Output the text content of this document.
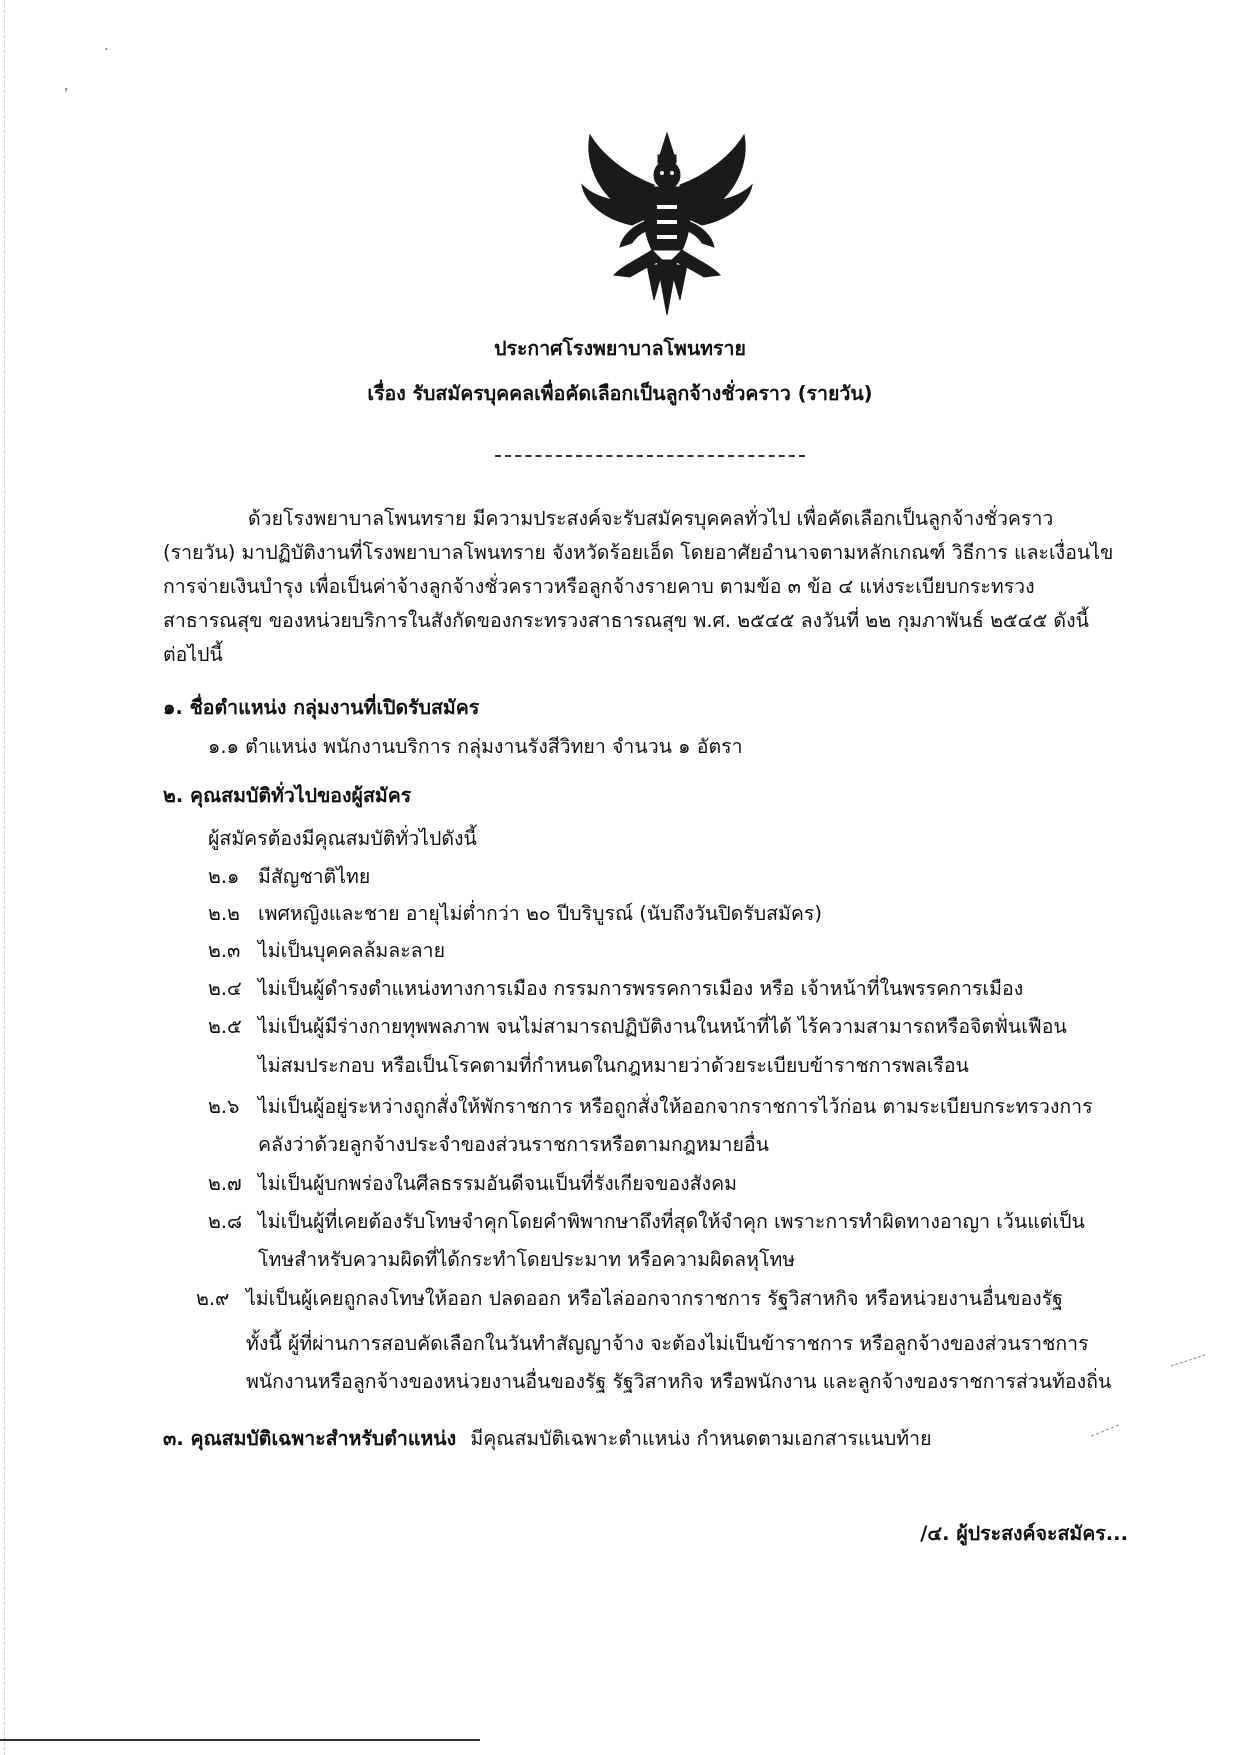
·
,
ประกาศโรงพยาบาลโพนทราย
เรื่อง รับสมัครบุคคลเพื่อคัดเลือกเป็นลูกจ้างชั่วคราว (รายวัน)
ด้วยโรงพยาบาลโพนทราย มีความประสงค์จะรับสมัครบุคคลทั่วไป เพื่อคัดเลือกเป็นลูกจ้างชั่วคราว
(รายวัน) มาปฏิบัติงานที่โรงพยาบาลโพนทราย จังหวัดร้อยเอ็ด โดยอาศัยอำนาจตามหลักเกณฑ์ วิธีการ และเงื่อนไข
การจ่ายเงินบำรุง เพื่อเป็นค่าจ้างลูกจ้างชั่วคราวหรือลูกจ้างรายคาบ ตามข้อ ๓ ข้อ ๔ แห่งระเบียบกระทรวง
สาธารณสุข ของหน่วยบริการในสังกัดของกระทรวงสาธารณสุข พ.ศ. ๒๕๔๕ ลงวันที่ ๒๒ กุมภาพันธ์ ๒๕๔๕ ดังนี้
ต่อไปนี้
๑. ชื่อตำแหน่ง กลุ่มงานที่เปิดรับสมัคร
๑.๑ ตำแหน่ง พนักงานบริการ กลุ่มงานรังสีวิทยา จำนวน ๑ อัตรา
๒. คุณสมบัติทั่วไปของผู้สมัคร
ผู้สมัครต้องมีคุณสมบัติทั่วไปดังนี้
๒.๑ มีสัญชาติไทย
๒.๒ เพศหญิงและชาย อายุไม่ต่ำกว่า ๒๐ ปีบริบูรณ์ (นับถึงวันปิดรับสมัคร)
๒.๓ ไม่เป็นบุคคลล้มละลาย
๒.๔ ไม่เป็นผู้ดำรงตำแหน่งทางการเมือง กรรมการพรรคการเมือง หรือ เจ้าหน้าที่ในพรรคการเมือง
๒.๕ ไม่เป็นผู้มีร่างกายทุพพลภาพ จนไม่สามารถปฏิบัติงานในหน้าที่ได้ ไร้ความสามารถหรือจิตฟั่นเฟือน
ไม่สมประกอบ หรือเป็นโรคตามที่กำหนดในกฎหมายว่าด้วยระเบียบข้าราชการพลเรือน
๒.๖ ไม่เป็นผู้อยู่ระหว่างถูกสั่งให้พักราชการ หรือถูกสั่งให้ออกจากราชการไว้ก่อน ตามระเบียบกระทรวงการ
คลังว่าด้วยลูกจ้างประจำของส่วนราชการหรือตามกฎหมายอื่น
๒.๗ ไม่เป็นผู้บกพร่องในศีลธรรมอันดีจนเป็นที่รังเกียจของสังคม
๒.๘ ไม่เป็นผู้ที่เคยต้องรับโทษจำคุกโดยคำพิพากษาถึงที่สุดให้จำคุก เพราะการทำผิดทางอาญา เว้นแต่เป็น
โทษสำหรับความผิดที่ได้กระทำโดยประมาท หรือความผิดลหุโทษ
๒.๙ ไม่เป็นผู้เคยถูกลงโทษให้ออก ปลดออก หรือไล่ออกจากราชการ รัฐวิสาหกิจ หรือหน่วยงานอื่นของรัฐ
ทั้งนี้ ผู้ที่ผ่านการสอบคัดเลือกในวันทำสัญญาจ้าง จะต้องไม่เป็นข้าราชการ หรือลูกจ้างของส่วนราชการ
พนักงานหรือลูกจ้างของหน่วยงานอื่นของรัฐ รัฐวิสาหกิจ หรือพนักงาน และลูกจ้างของราชการส่วนท้องถิ่น
๓. คุณสมบัติเฉพาะสำหรับตำแหน่ง มีคุณสมบัติเฉพาะตำแหน่ง กำหนดตามเอกสารแนบท้าย
/๔. ผู้ประสงค์จะสมัคร...
